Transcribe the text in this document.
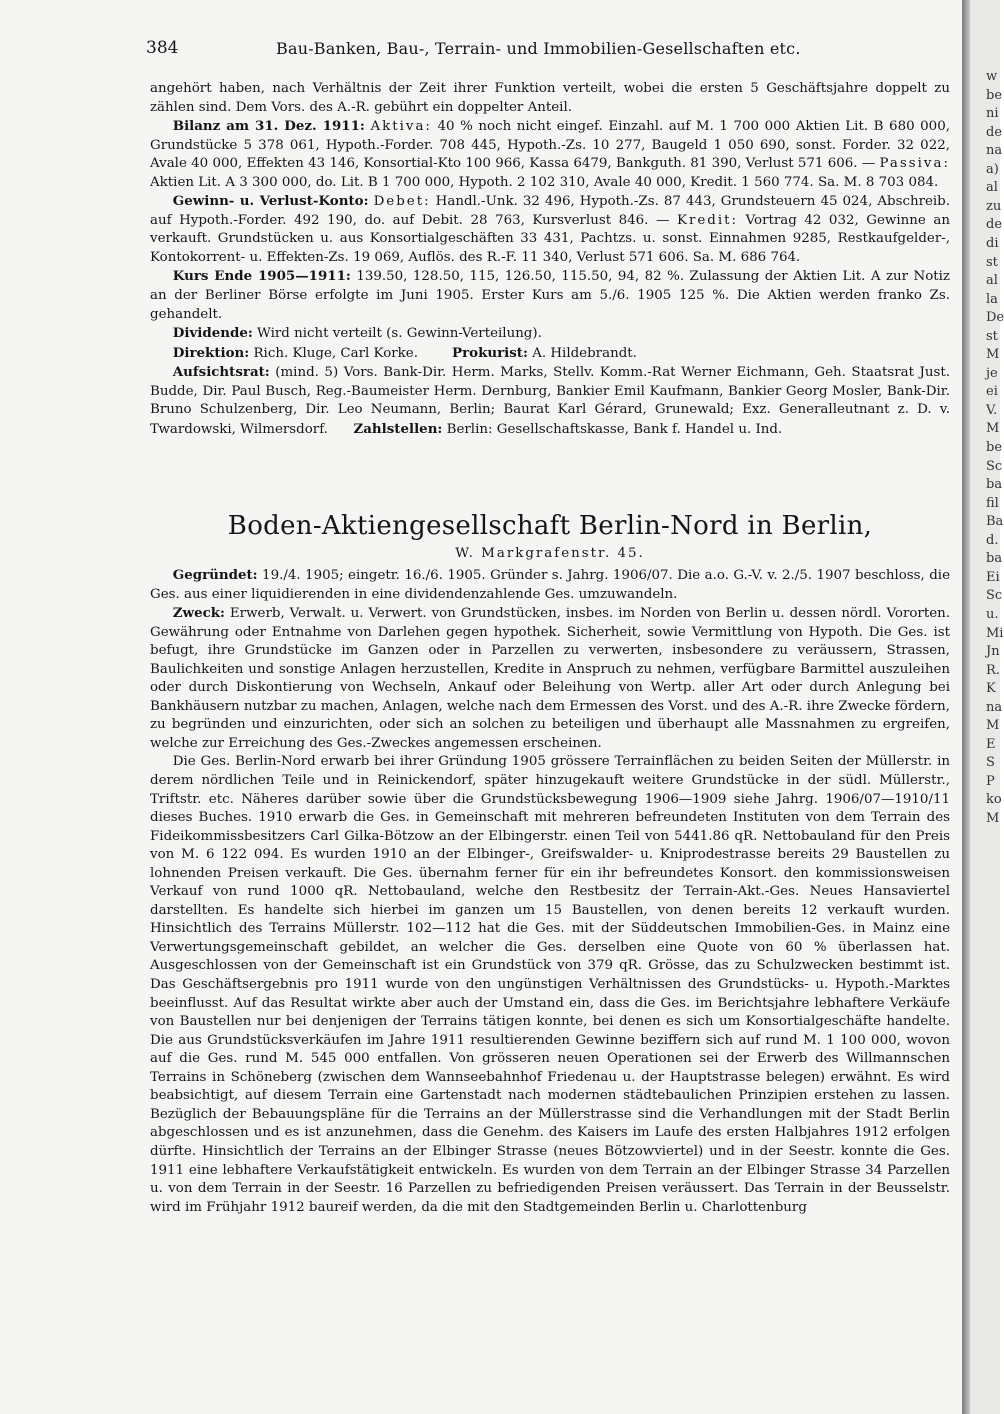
384	Bau-Banken, Bau-, Terrain- und Immobilien-Gesellschaften etc.

angehört haben, nach Verhältnis der Zeit ihrer Funktion verteilt, wobei die ersten 5 Geschäftsjahre doppelt zu zählen sind. Dem Vors. des A.-R. gebührt ein doppelter Anteil.

Bilanz am 31. Dez. 1911: Aktiva: 40 % noch nicht eingef. Einzahl. auf M. 1 700 000 Aktien Lit. B 680 000, Grundstücke 5 378 061, Hypoth.-Forder. 708 445, Hypoth.-Zs. 10 277, Baugeld 1 050 690, sonst. Forder. 32 022, Avale 40 000, Effekten 43 146, Konsortial-Kto 100 966, Kassa 6479, Bankguth. 81 390, Verlust 571 606. — Passiva: Aktien Lit. A 3 300 000, do. Lit. B 1 700 000, Hypoth. 2 102 310, Avale 40 000, Kredit. 1 560 774. Sa. M. 8 703 084.

Gewinn- u. Verlust-Konto: Debet: Handl.-Unk. 32 496, Hypoth.-Zs. 87 443, Grundsteuern 45 024, Abschreib. auf Hypoth.-Forder. 492 190, do. auf Debit. 28 763, Kursverlust 846. — Kredit: Vortrag 42 032, Gewinne an verkauft. Grundstücken u. aus Konsortialgeschäften 33 431, Pachtzs. u. sonst. Einnahmen 9285, Restkaufgelder-, Kontokorrent- u. Effekten-Zs. 19 069, Auflös. des R.-F. 11 340, Verlust 571 606. Sa. M. 686 764.

Kurs Ende 1905—1911: 139.50, 128.50, 115, 126.50, 115.50, 94, 82 %. Zulassung der Aktien Lit. A zur Notiz an der Berliner Börse erfolgte im Juni 1905. Erster Kurs am 5./6. 1905 125 %. Die Aktien werden franko Zs. gehandelt.

Dividende: Wird nicht verteilt (s. Gewinn-Verteilung).

Direktion: Rich. Kluge, Carl Korke.	Prokurist: A. Hildebrandt.

Aufsichtsrat: (mind. 5) Vors. Bank-Dir. Herm. Marks, Stellv. Komm.-Rat Werner Eichmann, Geh. Staatsrat Just. Budde, Dir. Paul Busch, Reg.-Baumeister Herm. Dernburg, Bankier Emil Kaufmann, Bankier Georg Mosler, Bank-Dir. Bruno Schulzenberg, Dir. Leo Neumann, Berlin; Baurat Karl Gérard, Grunewald; Exz. Generalleutnant z. D. v. Twardowski, Wilmersdorf. Zahlstellen: Berlin: Gesellschaftskasse, Bank f. Handel u. Ind.

Boden-Aktiengesellschaft Berlin-Nord in Berlin,
W. Markgrafenstr. 45.

Gegründet: 19./4. 1905; eingetr. 16./6. 1905. Gründer s. Jahrg. 1906/07. Die a.o. G.-V. v. 2./5. 1907 beschloss, die Ges. aus einer liquidierenden in eine dividendenzahlende Ges. umzuwandeln.

Zweck: Erwerb, Verwalt. u. Verwert. von Grundstücken, insbes. im Norden von Berlin u. dessen nördl. Vororten. Gewährung oder Entnahme von Darlehen gegen hypothek. Sicherheit, sowie Vermittlung von Hypoth. Die Ges. ist befugt, ihre Grundstücke im Ganzen oder in Parzellen zu verwerten, insbesondere zu veräussern, Strassen, Baulichkeiten und sonstige Anlagen herzustellen, Kredite in Anspruch zu nehmen, verfügbare Barmittel auszuleihen oder durch Diskontierung von Wechseln, Ankauf oder Beleihung von Wertp. aller Art oder durch Anlegung bei Bankhäusern nutzbar zu machen, Anlagen, welche nach dem Ermessen des Vorst. und des A.-R. ihre Zwecke fördern, zu begründen und einzurichten, oder sich an solchen zu beteiligen und überhaupt alle Massnahmen zu ergreifen, welche zur Erreichung des Ges.-Zweckes angemessen erscheinen.

Die Ges. Berlin-Nord erwarb bei ihrer Gründung 1905 grössere Terrainflächen zu beiden Seiten der Müllerstr. in derem nördlichen Teile und in Reinickendorf, später hinzugekauft weitere Grundstücke in der südl. Müllerstr., Triftstr. etc. Näheres darüber sowie über die Grundstücksbewegung 1906—1909 siehe Jahrg. 1906/07—1910/11 dieses Buches. 1910 erwarb die Ges. in Gemeinschaft mit mehreren befreundeten Instituten von dem Terrain des Fideikommissbesitzers Carl Gilka-Bötzow an der Elbingerstr. einen Teil von 5441.86 qR. Nettobauland für den Preis von M. 6 122 094. Es wurden 1910 an der Elbinger-, Greifswalder- u. Kniprodestrasse bereits 29 Baustellen zu lohnenden Preisen verkauft. Die Ges. übernahm ferner für ein ihr befreundetes Konsort. den kommissionsweisen Verkauf von rund 1000 qR. Nettobauland, welche den Restbesitz der Terrain-Akt.-Ges. Neues Hansaviertel darstellten. Es handelte sich hierbei im ganzen um 15 Baustellen, von denen bereits 12 verkauft wurden. Hinsichtlich des Terrains Müllerstr. 102—112 hat die Ges. mit der Süddeutschen Immobilien-Ges. in Mainz eine Verwertungsgemeinschaft gebildet, an welcher die Ges. derselben eine Quote von 60 % überlassen hat. Ausgeschlossen von der Gemeinschaft ist ein Grundstück von 379 qR. Grösse, das zu Schulzwecken bestimmt ist. Das Geschäftsergebnis pro 1911 wurde von den ungünstigen Verhältnissen des Grundstücks- u. Hypoth.-Marktes beeinflusst. Auf das Resultat wirkte aber auch der Umstand ein, dass die Ges. im Berichtsjahre lebhaftere Verkäufe von Baustellen nur bei denjenigen der Terrains tätigen konnte, bei denen es sich um Konsortialgeschäfte handelte. Die aus Grundstücksverkäufen im Jahre 1911 resultierenden Gewinne beziffern sich auf rund M. 1 100 000, wovon auf die Ges. rund M. 545 000 entfallen. Von grösseren neuen Operationen sei der Erwerb des Willmannschen Terrains in Schöneberg (zwischen dem Wannseebahnhof Friedenau u. der Hauptstrasse belegen) erwähnt. Es wird beabsichtigt, auf diesem Terrain eine Gartenstadt nach modernen städtebaulichen Prinzipien erstehen zu lassen. Bezüglich der Bebauungspläne für die Terrains an der Müllerstrasse sind die Verhandlungen mit der Stadt Berlin abgeschlossen und es ist anzunehmen, dass die Genehm. des Kaisers im Laufe des ersten Halbjahres 1912 erfolgen dürfte. Hinsichtlich der Terrains an der Elbinger Strasse (neues Bötzowviertel) und in der Seestr. konnte die Ges. 1911 eine lebhaftere Verkaufstätigkeit entwickeln. Es wurden von dem Terrain an der Elbinger Strasse 34 Parzellen u. von dem Terrain in der Seestr. 16 Parzellen zu befriedigenden Preisen veräussert. Das Terrain in der Beusselstr. wird im Frühjahr 1912 baureif werden, da die mit den Stadtgemeinden Berlin u. Charlottenburg

w
be
ni
de
na
a)
al
zu
de
di
st
al
la
De
st
M
je
ei
V.
M
be
Sc
ba
fil
Ba
d.
ba
Ei
Sc
u.
Mi
Jn
R.
K
na
M
E
S
P
ko
M
